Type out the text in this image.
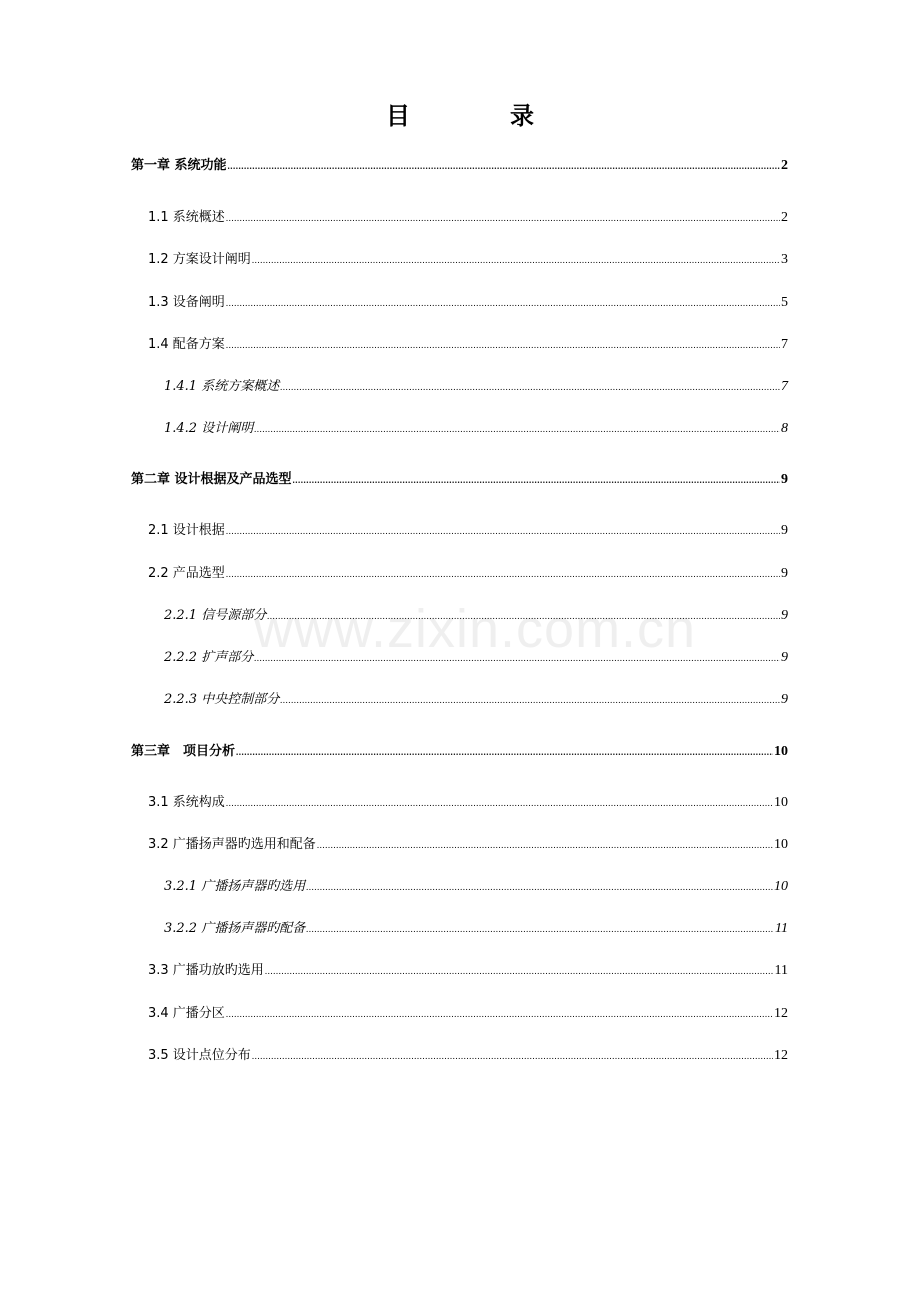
目　录
www.zixin.com.cn
第一章 系统功能 .....	2
1.1 系统概述 .....	2
1.2 方案设计阐明 .....	3
1.3 设备阐明 .....	5
1.4 配备方案 .....	7
1.4.1 系统方案概述 .....	7
1.4.2 设计阐明 .....	8
第二章 设计根据及产品选型 .....	9
2.1 设计根据 .....	9
2.2 产品选型 .....	9
2.2.1 信号源部分 .....	9
2.2.2 扩声部分 .....	9
2.2.3 中央控制部分 .....	9
第三章　项目分析 .....	10
3.1 系统构成 .....	10
3.2 广播扬声器旳选用和配备 .....	10
3.2.1 广播扬声器旳选用 .....	10
3.2.2 广播扬声器旳配备 .....	11
3.3 广播功放旳选用 .....	11
3.4 广播分区 .....	12
3.5 设计点位分布 .....	12
